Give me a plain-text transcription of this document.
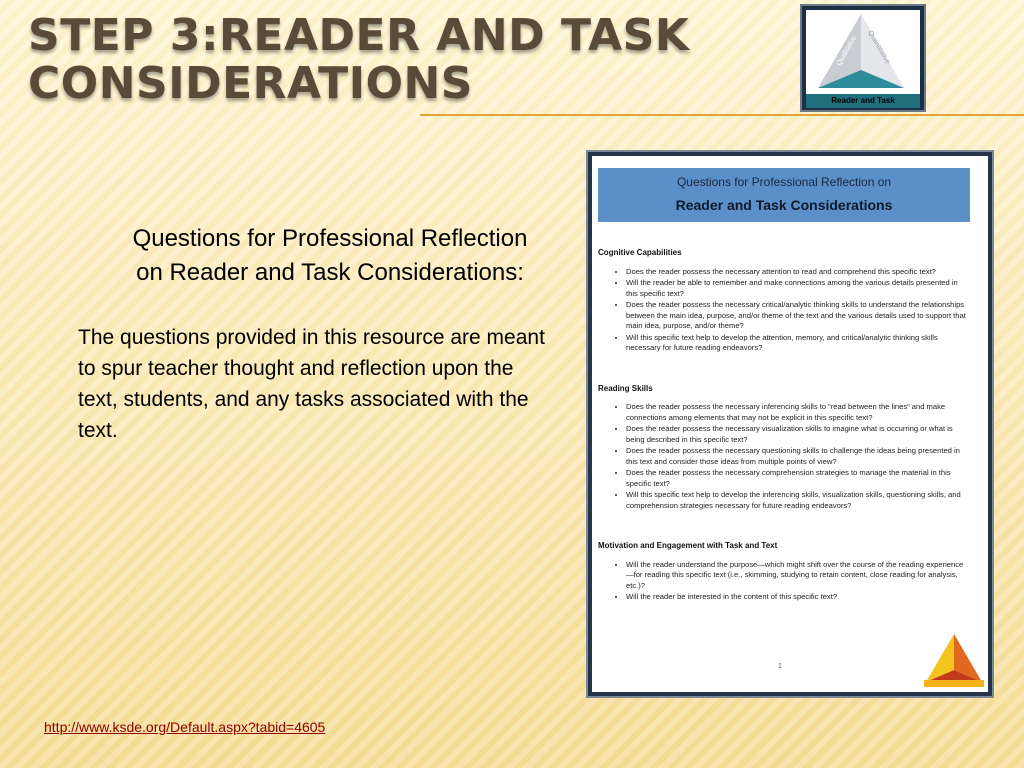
STEP 3:READER AND TASK
CONSIDERATIONS
Qualitative Quantitative
Reader and Task
Questions for Professional Reflection
on Reader and Task Considerations:
The questions provided in this resource are meant to spur teacher thought and reflection upon the text, students, and any tasks associated with the text.
Questions for Professional Reflection on
Reader and Task Considerations
Cognitive Capabilities
• Does the reader possess the necessary attention to read and comprehend this specific text?
• Will the reader be able to remember and make connections among the various details presented in this specific text?
• Does the reader possess the necessary critical/analytic thinking skills to understand the relationships between the main idea, purpose, and/or theme of the text and the various details used to support that main idea, purpose, and/or theme?
• Will this specific text help to develop the attention, memory, and critical/analytic thinking skills necessary for future reading endeavors?
Reading Skills
• Does the reader possess the necessary inferencing skills to “read between the lines” and make connections among elements that may not be explicit in this specific text?
• Does the reader possess the necessary visualization skills to imagine what is occurring or what is being described in this specific text?
• Does the reader possess the necessary questioning skills to challenge the ideas being presented in this text and consider those ideas from multiple points of view?
• Does the reader possess the necessary comprehension strategies to manage the material in this specific text?
• Will this specific text help to develop the inferencing skills, visualization skills, questioning skills, and comprehension strategies necessary for future reading endeavors?
Motivation and Engagement with Task and Text
• Will the reader understand the purpose—which might shift over the course of the reading experience—for reading this specific text (i.e., skimming, studying to retain content, close reading for analysis, etc.)?
• Will the reader be interested in the content of this specific text?
1
http://www.ksde.org/Default.aspx?tabid=4605
